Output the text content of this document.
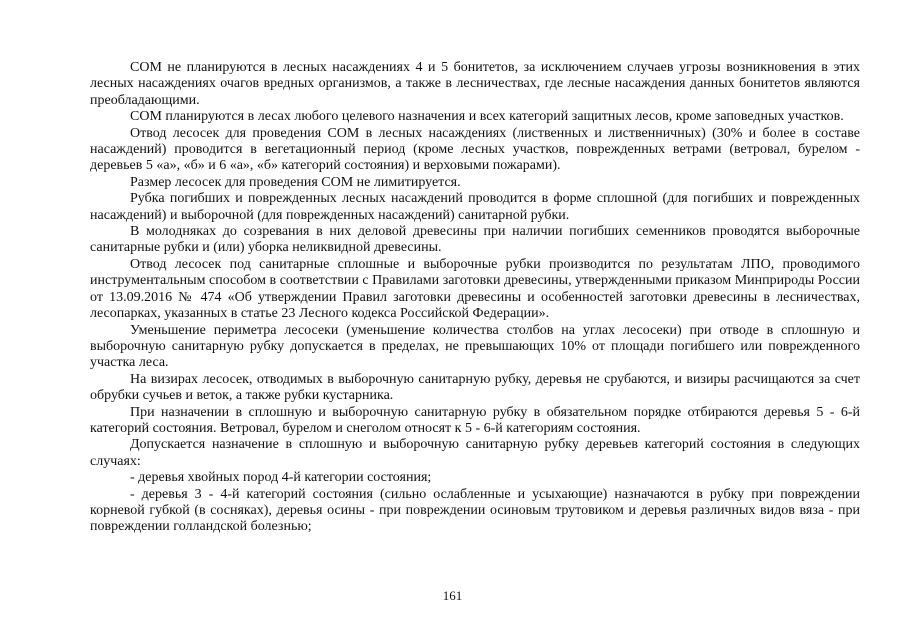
СОМ не планируются в лесных насаждениях 4 и 5 бонитетов, за исключением случаев угрозы возникновения в этих лесных насаждениях очагов вредных организмов, а также в лесничествах, где лесные насаждения данных бонитетов являются преобладающими.

СОМ планируются в лесах любого целевого назначения и всех категорий защитных лесов, кроме заповедных участков.

Отвод лесосек для проведения СОМ в лесных насаждениях (лиственных и лиственничных) (30% и более в составе насаждений) проводится в вегетационный период (кроме лесных участков, поврежденных ветрами (ветровал, бурелом - деревьев 5 «а», «б» и 6 «а», «б» категорий состояния) и верховыми пожарами).

Размер лесосек для проведения СОМ не лимитируется.

Рубка погибших и поврежденных лесных насаждений проводится в форме сплошной (для погибших и поврежденных насаждений) и выборочной (для поврежденных насаждений) санитарной рубки.

В молодняках до созревания в них деловой древесины при наличии погибших семенников проводятся выборочные санитарные рубки и (или) уборка неликвидной древесины.

Отвод лесосек под санитарные сплошные и выборочные рубки производится по результатам ЛПО, проводимого инструментальным способом в соответствии с Правилами заготовки древесины, утвержденными приказом Минприроды России от 13.09.2016 № 474 «Об утверждении Правил заготовки древесины и особенностей заготовки древесины в лесничествах, лесопарках, указанных в статье 23 Лесного кодекса Российской Федерации».

Уменьшение периметра лесосеки (уменьшение количества столбов на углах лесосеки) при отводе в сплошную и выборочную санитарную рубку допускается в пределах, не превышающих 10% от площади погибшего или поврежденного участка леса.

На визирах лесосек, отводимых в выборочную санитарную рубку, деревья не срубаются, и визиры расчищаются за счет обрубки сучьев и веток, а также рубки кустарника.

При назначении в сплошную и выборочную санитарную рубку в обязательном порядке отбираются деревья 5 - 6-й категорий состояния. Ветровал, бурелом и снеголом относят к 5 - 6-й категориям состояния.

Допускается назначение в сплошную и выборочную санитарную рубку деревьев категорий состояния в следующих случаях:

- деревья хвойных пород 4-й категории состояния;

- деревья 3 - 4-й категорий состояния (сильно ослабленные и усыхающие) назначаются в рубку при повреждении корневой губкой (в сосняках), деревья осины - при повреждении осиновым трутовиком и деревья различных видов вяза - при повреждении голландской болезнью;

161
